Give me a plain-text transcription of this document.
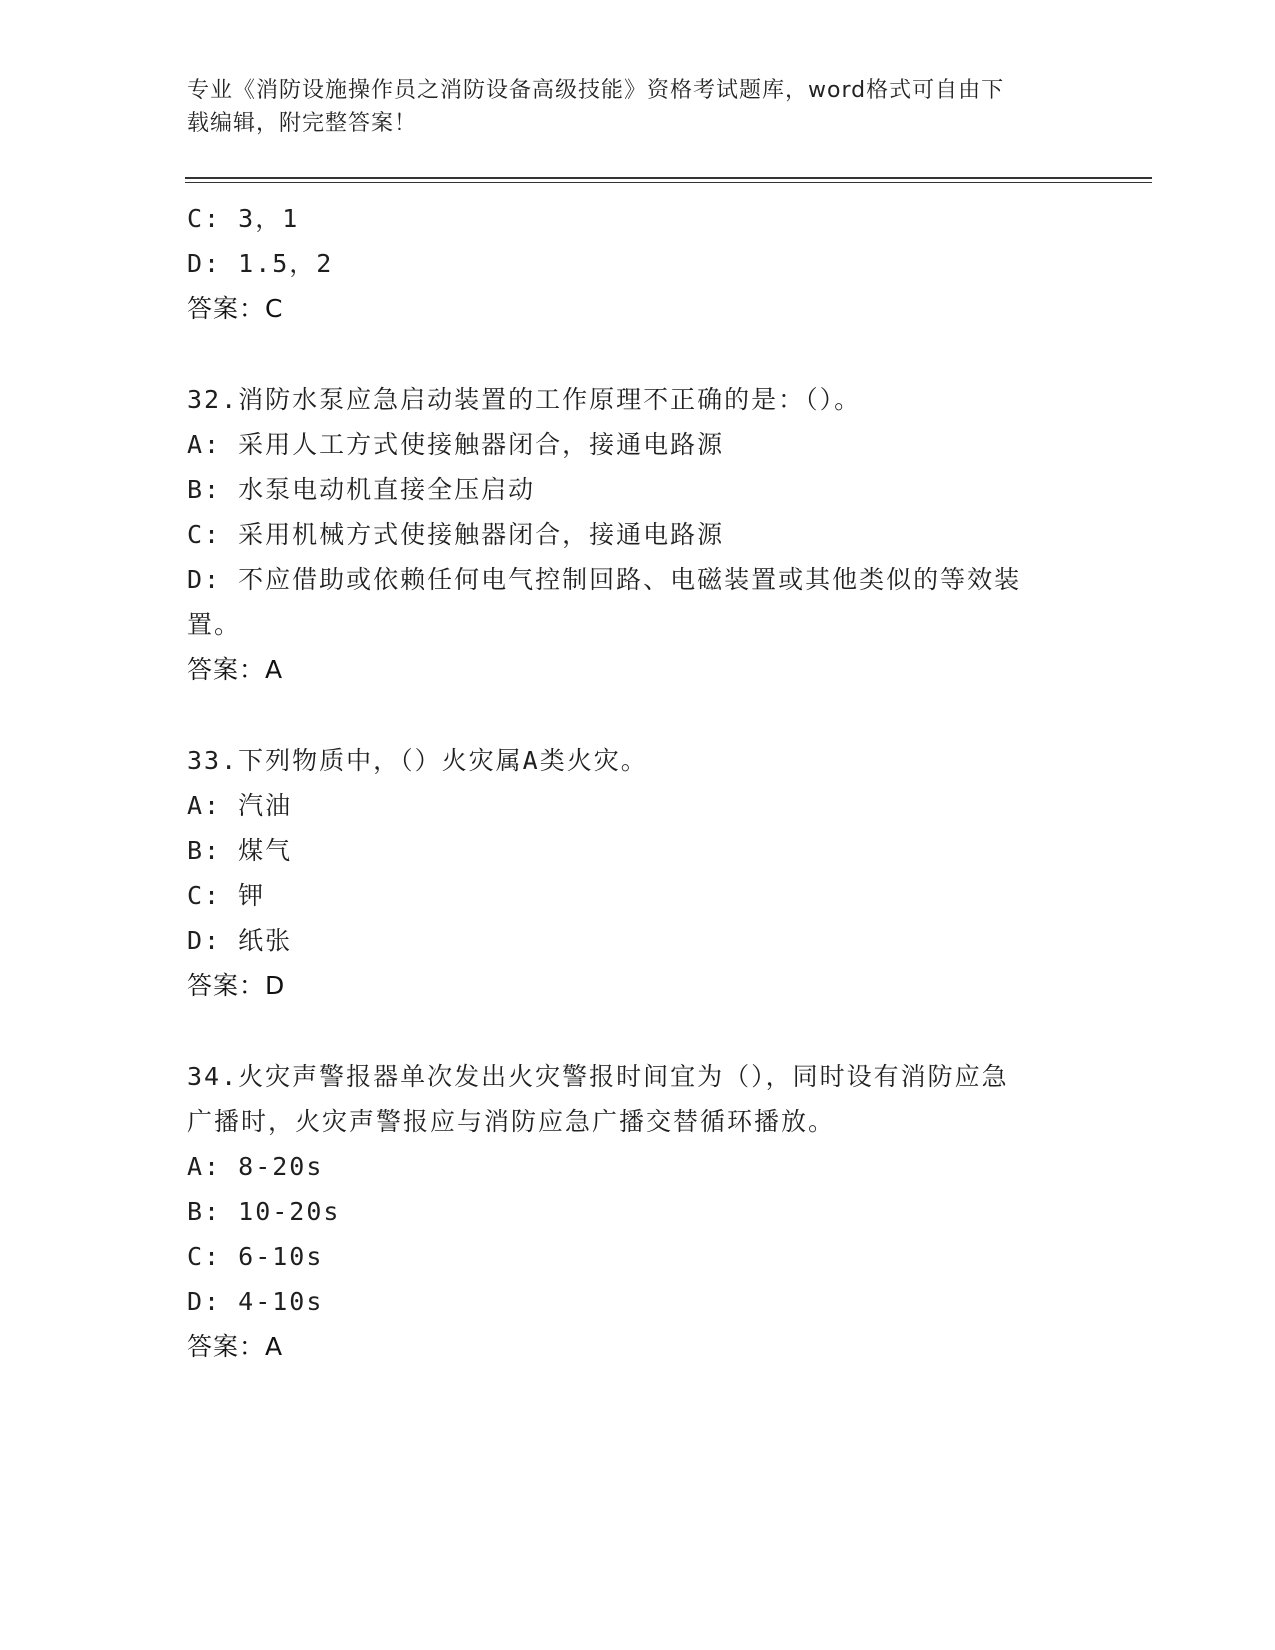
专业《消防设施操作员之消防设备高级技能》资格考试题库，word格式可自由下
载编辑，附完整答案！
C: 3，1
D: 1.5，2
答案：C
32.消防水泵应急启动装置的工作原理不正确的是：（）。
A: 采用人工方式使接触器闭合，接通电路源
B: 水泵电动机直接全压启动
C: 采用机械方式使接触器闭合，接通电路源
D: 不应借助或依赖任何电气控制回路、电磁装置或其他类似的等效装
置。
答案：A
33.下列物质中，（）火灾属A类火灾。
A: 汽油
B: 煤气
C: 钾
D: 纸张
答案：D
34.火灾声警报器单次发出火灾警报时间宜为（），同时设有消防应急
广播时，火灾声警报应与消防应急广播交替循环播放。
A: 8-20s
B: 10-20s
C: 6-10s
D: 4-10s
答案：A
